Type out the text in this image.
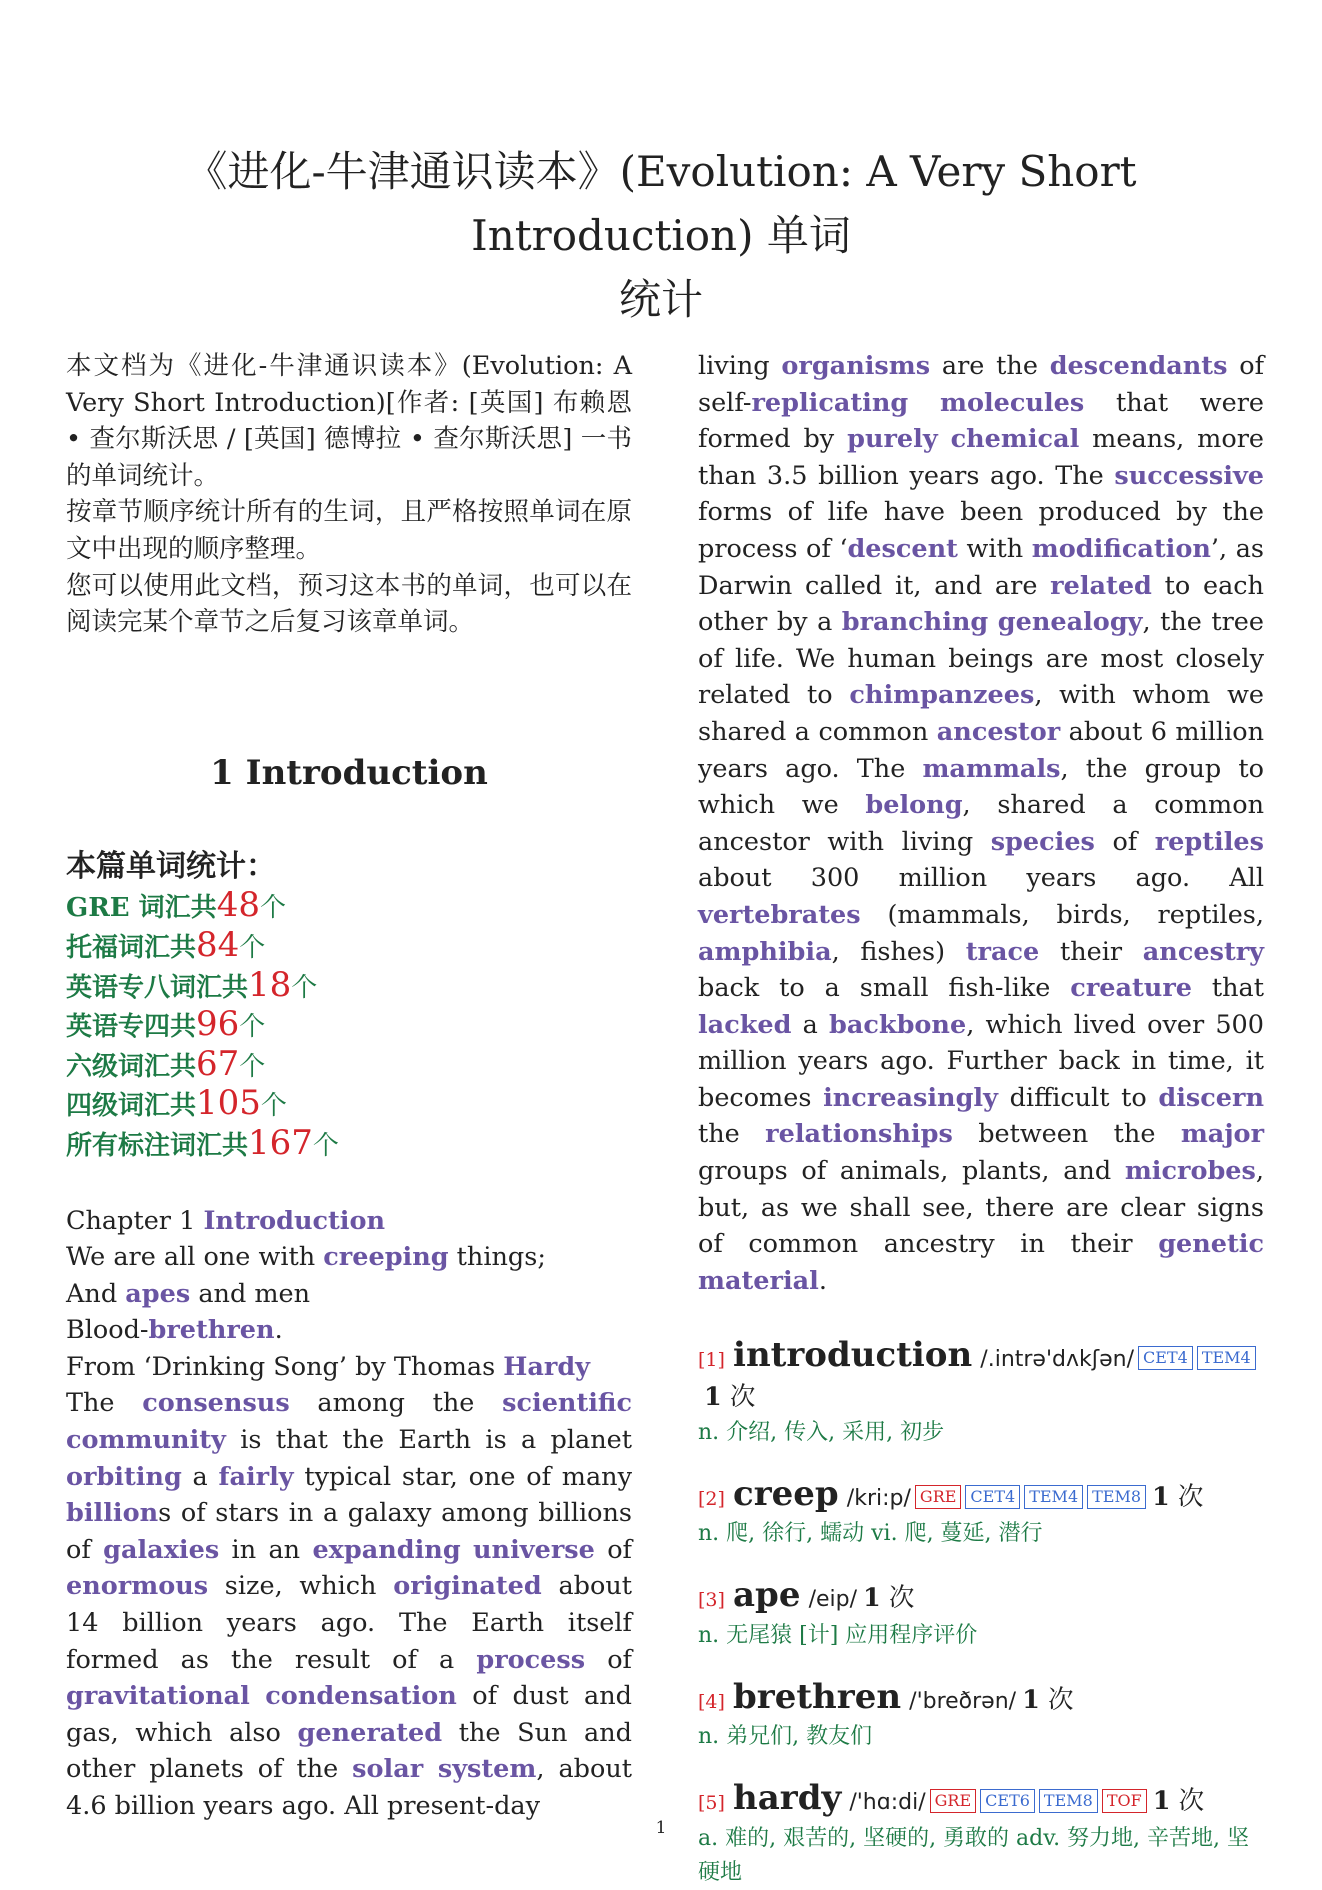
《进化-牛津通识读本》(Evolution: A Very Short Introduction) 单词
统计
本文档为《进化-牛津通识读本》(Evolution: A Very Short Introduction)[作者: [英国] 布赖恩 • 查尔斯沃思 / [英国] 德博拉 • 查尔斯沃思] 一书的单词统计。
按章节顺序统计所有的生词，且严格按照单词在原文中出现的顺序整理。
您可以使用此文档，预习这本书的单词，也可以在阅读完某个章节之后复习该章单词。
1 Introduction
本篇单词统计：
GRE 词汇共48个
托福词汇共84个
英语专八词汇共18个
英语专四共96个
六级词汇共67个
四级词汇共105个
所有标注词汇共167个
Chapter 1 Introduction
We are all one with creeping things;
And apes and men
Blood-brethren.
From ‘Drinking Song’ by Thomas Hardy
The consensus among the scientific community is that the Earth is a planet orbiting a fairly typical star, one of many billions of stars in a galaxy among billions of galaxies in an expanding universe of enormous size, which originated about 14 billion years ago. The Earth itself formed as the result of a process of gravitational condensation of dust and gas, which also generated the Sun and other planets of the solar system, about 4.6 billion years ago. All present-day
living organisms are the descendants of self-replicating molecules that were formed by purely chemical means, more than 3.5 billion years ago. The successive forms of life have been produced by the process of ‘descent with modification’, as Darwin called it, and are related to each other by a branching genealogy, the tree of life. We human beings are most closely related to chimpanzees, with whom we shared a common ancestor about 6 million years ago. The mammals, the group to which we belong, shared a common ancestor with living species of reptiles about 300 million years ago. All vertebrates (mammals, birds, reptiles, amphibia, fishes) trace their ancestry back to a small fish-like creature that lacked a backbone, which lived over 500 million years ago. Further back in time, it becomes increasingly difficult to discern the relationships between the major groups of animals, plants, and microbes, but, as we shall see, there are clear signs of common ancestry in their genetic material.
[1] introduction /.intrə'dʌkʃən/ CET4 TEM41 次
n. 介绍, 传入, 采用, 初步
[2] creep /kri:p/ GRE CET4 TEM4 TEM8 1 次
n. 爬, 徐行, 蠕动 vi. 爬, 蔓延, 潜行
[3] ape /eip/ 1 次
n. 无尾猿 [计] 应用程序评价
[4] brethren /'breðrən/ 1 次
n. 弟兄们, 教友们
[5] hardy /'hɑ:di/ GRE CET6 TEM8 TOF 1 次
a. 难的, 艰苦的, 坚硬的, 勇敢的 adv. 努力地, 辛苦地, 坚硬地
1
